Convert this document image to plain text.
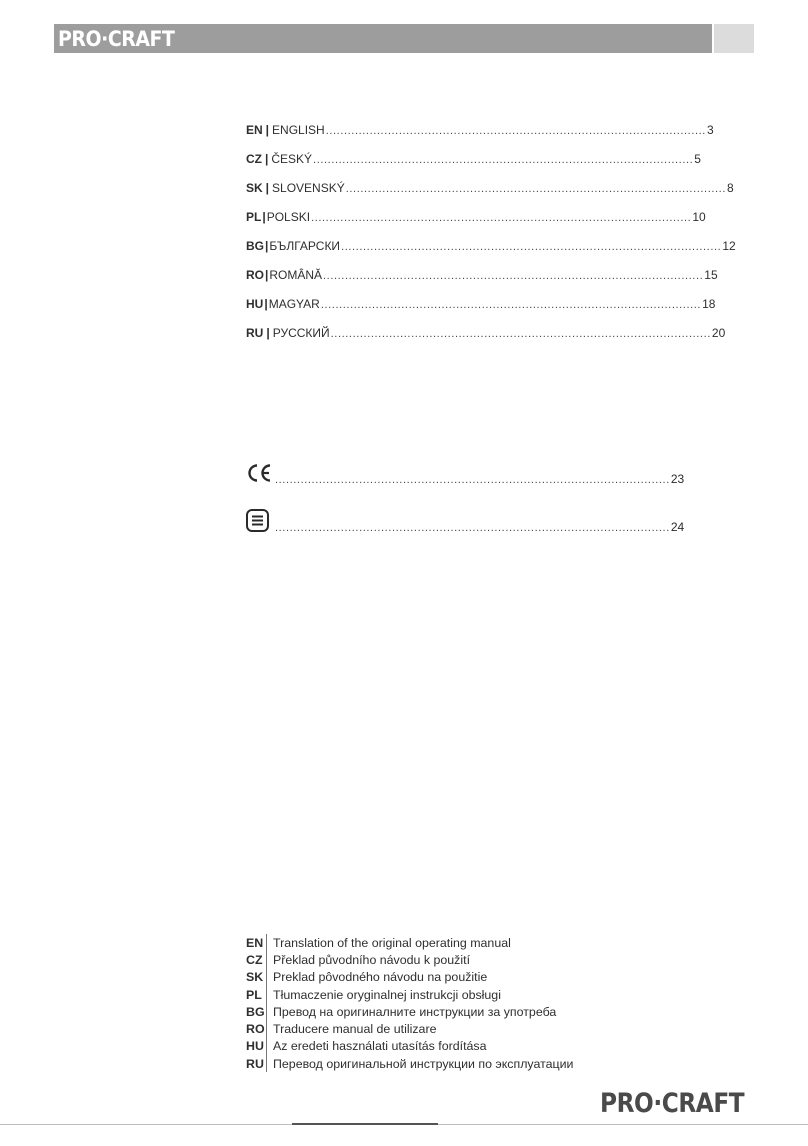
PRO·CRAFT
EN | ENGLISH ........................................................................................................ 3
CZ | ČESKÝ ........................................................................................................ 5
SK | SLOVENSKÝ ........................................................................................................ 8
PL | POLSKI ........................................................................................................ 10
BG | БЪЛГАРСКИ ........................................................................................................ 12
RO | ROMÂNĂ ........................................................................................................ 15
HU | MAGYAR ........................................................................................................ 18
RU | РУССКИЙ ........................................................................................................ 20
............................................................................................................ 23
............................................................................................................ 24
EN Translation of the original operating manual
CZ Překlad původního návodu k použití
SK Preklad pôvodného návodu na použitie
PL Tłumaczenie oryginalnej instrukcji obsługi
BG Превод на оригиналните инструкции за употреба
RO Traducere manual de utilizare
HU Az eredeti használati utasítás fordítása
RU Перевод оригинальной инструкции по эксплуатации
PRO·CRAFT
